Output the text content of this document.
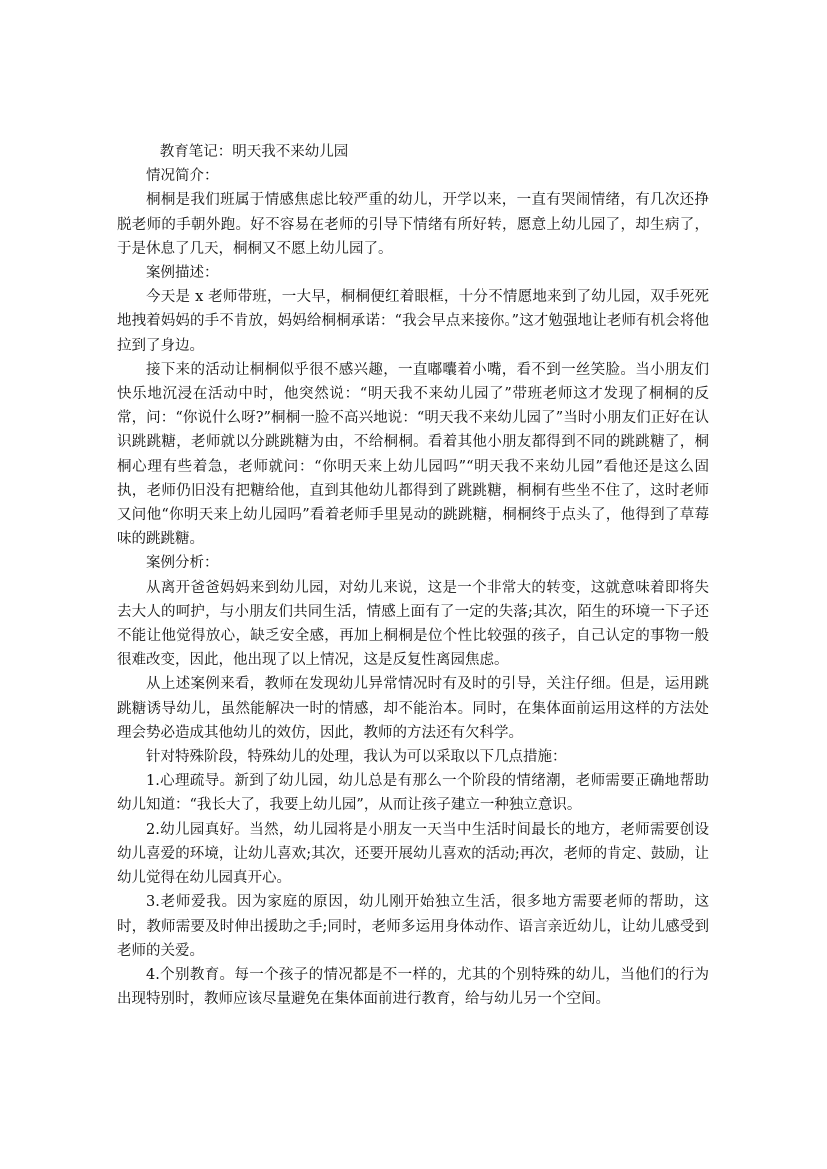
教育笔记：明天我不来幼儿园

情况简介：

桐桐是我们班属于情感焦虑比较严重的幼儿，开学以来，一直有哭闹情绪，有几次还挣脱老师的手朝外跑。好不容易在老师的引导下情绪有所好转，愿意上幼儿园了，却生病了，于是休息了几天，桐桐又不愿上幼儿园了。

案例描述：

今天是 x 老师带班，一大早，桐桐便红着眼框，十分不情愿地来到了幼儿园，双手死死地拽着妈妈的手不肯放，妈妈给桐桐承诺：“我会早点来接你。”这才勉强地让老师有机会将他拉到了身边。

接下来的活动让桐桐似乎很不感兴趣，一直嘟囔着小嘴，看不到一丝笑脸。当小朋友们快乐地沉浸在活动中时，他突然说：“明天我不来幼儿园了”带班老师这才发现了桐桐的反常，问：“你说什么呀?”桐桐一脸不高兴地说：“明天我不来幼儿园了”当时小朋友们正好在认识跳跳糖，老师就以分跳跳糖为由，不给桐桐。看着其他小朋友都得到不同的跳跳糖了，桐桐心理有些着急，老师就问：“你明天来上幼儿园吗”“明天我不来幼儿园”看他还是这么固执，老师仍旧没有把糖给他，直到其他幼儿都得到了跳跳糖，桐桐有些坐不住了，这时老师又问他“你明天来上幼儿园吗”看着老师手里晃动的跳跳糖，桐桐终于点头了，他得到了草莓味的跳跳糖。

案例分析：

从离开爸爸妈妈来到幼儿园，对幼儿来说，这是一个非常大的转变，这就意味着即将失去大人的呵护，与小朋友们共同生活，情感上面有了一定的失落;其次，陌生的环境一下子还不能让他觉得放心，缺乏安全感，再加上桐桐是位个性比较强的孩子，自己认定的事物一般很难改变，因此，他出现了以上情况，这是反复性离园焦虑。

从上述案例来看，教师在发现幼儿异常情况时有及时的引导，关注仔细。但是，运用跳跳糖诱导幼儿，虽然能解决一时的情感，却不能治本。同时，在集体面前运用这样的方法处理会势必造成其他幼儿的效仿，因此，教师的方法还有欠科学。

针对特殊阶段，特殊幼儿的处理，我认为可以采取以下几点措施：

1.心理疏导。新到了幼儿园，幼儿总是有那么一个阶段的情绪潮，老师需要正确地帮助幼儿知道：“我长大了，我要上幼儿园”，从而让孩子建立一种独立意识。

2.幼儿园真好。当然，幼儿园将是小朋友一天当中生活时间最长的地方，老师需要创设幼儿喜爱的环境，让幼儿喜欢;其次，还要开展幼儿喜欢的活动;再次，老师的肯定、鼓励，让幼儿觉得在幼儿园真开心。

3.老师爱我。因为家庭的原因，幼儿刚开始独立生活，很多地方需要老师的帮助，这时，教师需要及时伸出援助之手;同时，老师多运用身体动作、语言亲近幼儿，让幼儿感受到老师的关爱。

4.个别教育。每一个孩子的情况都是不一样的，尤其的个别特殊的幼儿，当他们的行为出现特别时，教师应该尽量避免在集体面前进行教育，给与幼儿另一个空间。
